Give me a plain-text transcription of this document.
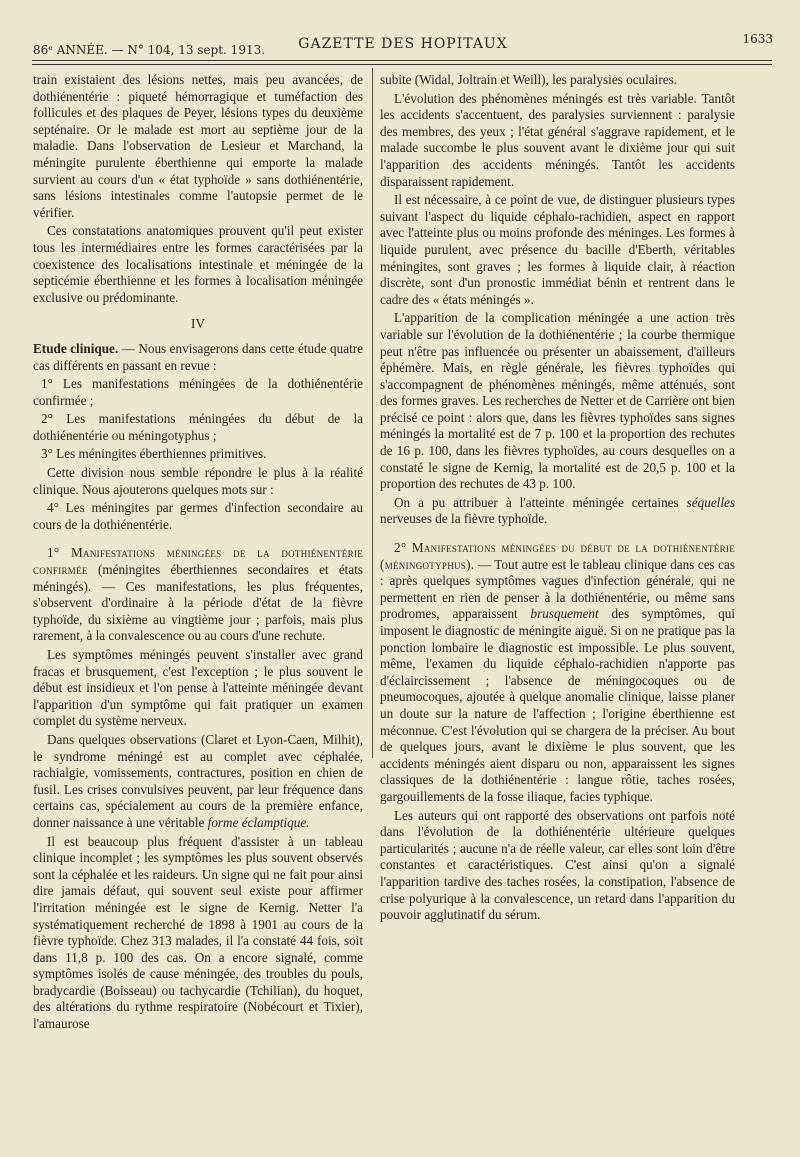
86ᵉ ANNÉE. — N° 104, 13 sept. 1913.	GAZETTE DES HOPITAUX	1633

train existaient des lésions nettes, mais peu avancées, de dothiénentérie : piqueté hémorragique et tuméfaction des follicules et des plaques de Peyer, lésions types du deuxième septénaire. Or le malade est mort au septième jour de la maladie. Dans l'observation de Lesieur et Marchand, la méningite purulente éberthienne qui emporte la malade survient au cours d'un « état typhoïde » sans dothiénentérie, sans lésions intestinales comme l'autopsie permet de le vérifier.

Ces constatations anatomiques prouvent qu'il peut exister tous les intermédiaires entre les formes caractérisées par la coexistence des localisations intestinale et méningée de la septicémie éberthienne et les formes à localisation méningée exclusive ou prédominante.

IV

Etude clinique. — Nous envisagerons dans cette étude quatre cas différents en passant en revue :

1° Les manifestations méningées de la dothiénentérie confirmée ;

2° Les manifestations méningées du début de la dothiénentérie ou méningotyphus ;

3° Les méningites éberthiennes primitives.

Cette division nous semble répondre le plus à la réalité clinique. Nous ajouterons quelques mots sur :

4° Les méningites par germes d'infection secondaire au cours de la dothiénentérie.

1° Manifestations méningées de la dothiénentérie confirmée (méningites éberthiennes secondaires et états méningés). — Ces manifestations, les plus fréquentes, s'observent d'ordinaire à la période d'état de la fièvre typhoïde, du sixième au vingtième jour ; parfois, mais plus rarement, à la convalescence ou au cours d'une rechute.

Les symptômes méningés peuvent s'installer avec grand fracas et brusquement, c'est l'exception ; le plus souvent le début est insidieux et l'on pense à l'atteinte méningée devant l'apparition d'un symptôme qui fait pratiquer un examen complet du système nerveux.

Dans quelques observations (Claret et Lyon-Caen, Milhit), le syndrome méningé est au complet avec céphalée, rachialgie, vomissements, contractures, position en chien de fusil. Les crises convulsives peuvent, par leur fréquence dans certains cas, spécialement au cours de la première enfance, donner naissance à une véritable forme éclamptique.

Il est beaucoup plus fréquent d'assister à un tableau clinique incomplet ; les symptômes les plus souvent observés sont la céphalée et les raideurs. Un signe qui ne fait pour ainsi dire jamais défaut, qui souvent seul existe pour affirmer l'irritation méningée est le signe de Kernig. Netter l'a systématiquement recherché de 1898 à 1901 au cours de la fièvre typhoïde. Chez 313 malades, il l'a constaté 44 fois, soit dans 11,8 p. 100 des cas. On a encore signalé, comme symptômes isolés de cause méningée, des troubles du pouls, bradycardie (Boisseau) ou tachycardie (Tchilian), du hoquet, des altérations du rythme respiratoire (Nobécourt et Tixier), l'amaurose

subite (Widal, Joltrain et Weill), les paralysies oculaires.

L'évolution des phénomènes méningés est très variable. Tantôt les accidents s'accentuent, des paralysies surviennent : paralysie des membres, des yeux ; l'état général s'aggrave rapidement, et le malade succombe le plus souvent avant le dixième jour qui suit l'apparition des accidents méningés. Tantôt les accidents disparaissent rapidement.

Il est nécessaire, à ce point de vue, de distinguer plusieurs types suivant l'aspect du liquide céphalo-rachidien, aspect en rapport avec l'atteinte plus ou moins profonde des méninges. Les formes à liquide purulent, avec présence du bacille d'Eberth, véritables méningites, sont graves ; les formes à liquide clair, à réaction discrète, sont d'un pronostic immédiat bénin et rentrent dans le cadre des « états méningés ».

L'apparition de la complication méningée a une action très variable sur l'évolution de la dothiénentérie ; la courbe thermique peut n'être pas influencée ou présenter un abaissement, d'ailleurs éphémère. Mais, en règle générale, les fièvres typhoïdes qui s'accompagnent de phénomènes méningés, même atténués, sont des formes graves. Les recherches de Netter et de Carrière ont bien précisé ce point : alors que, dans les fièvres typhoïdes sans signes méningés la mortalité est de 7 p. 100 et la proportion des rechutes de 16 p. 100, dans les fièvres typhoïdes, au cours desquelles on a constaté le signe de Kernig, la mortalité est de 20,5 p. 100 et la proportion des rechutes de 43 p. 100.

On a pu attribuer à l'atteinte méningée certaines séquelles nerveuses de la fièvre typhoïde.

2° Manifestations méningées du début de la dothiénentérie (méningotyphus). — Tout autre est le tableau clinique dans ces cas : après quelques symptômes vagues d'infection générale, qui ne permettent en rien de penser à la dothiénentérie, ou même sans prodromes, apparaissent brusquement des symptômes, qui imposent le diagnostic de méningite aiguë. Si on ne pratique pas la ponction lombaire le diagnostic est impossible. Le plus souvent, même, l'examen du liquide céphalo-rachidien n'apporte pas d'éclaircissement ; l'absence de méningocoques ou de pneumocoques, ajoutée à quelque anomalie clinique, laisse planer un doute sur la nature de l'affection ; l'origine éberthienne est méconnue. C'est l'évolution qui se chargera de la préciser. Au bout de quelques jours, avant le dixième le plus souvent, que les accidents méningés aient disparu ou non, apparaissent les signes classiques de la dothiénentérie : langue rôtie, taches rosées, gargouillements de la fosse iliaque, facies typhique.

Les auteurs qui ont rapporté des observations ont parfois noté dans l'évolution de la dothiénentérie ultérieure quelques particularités ; aucune n'a de réelle valeur, car elles sont loin d'être constantes et caractéristiques. C'est ainsi qu'on a signalé l'apparition tardive des taches rosées, la constipation, l'absence de crise polyurique à la convalescence, un retard dans l'apparition du pouvoir agglutinatif du sérum.
